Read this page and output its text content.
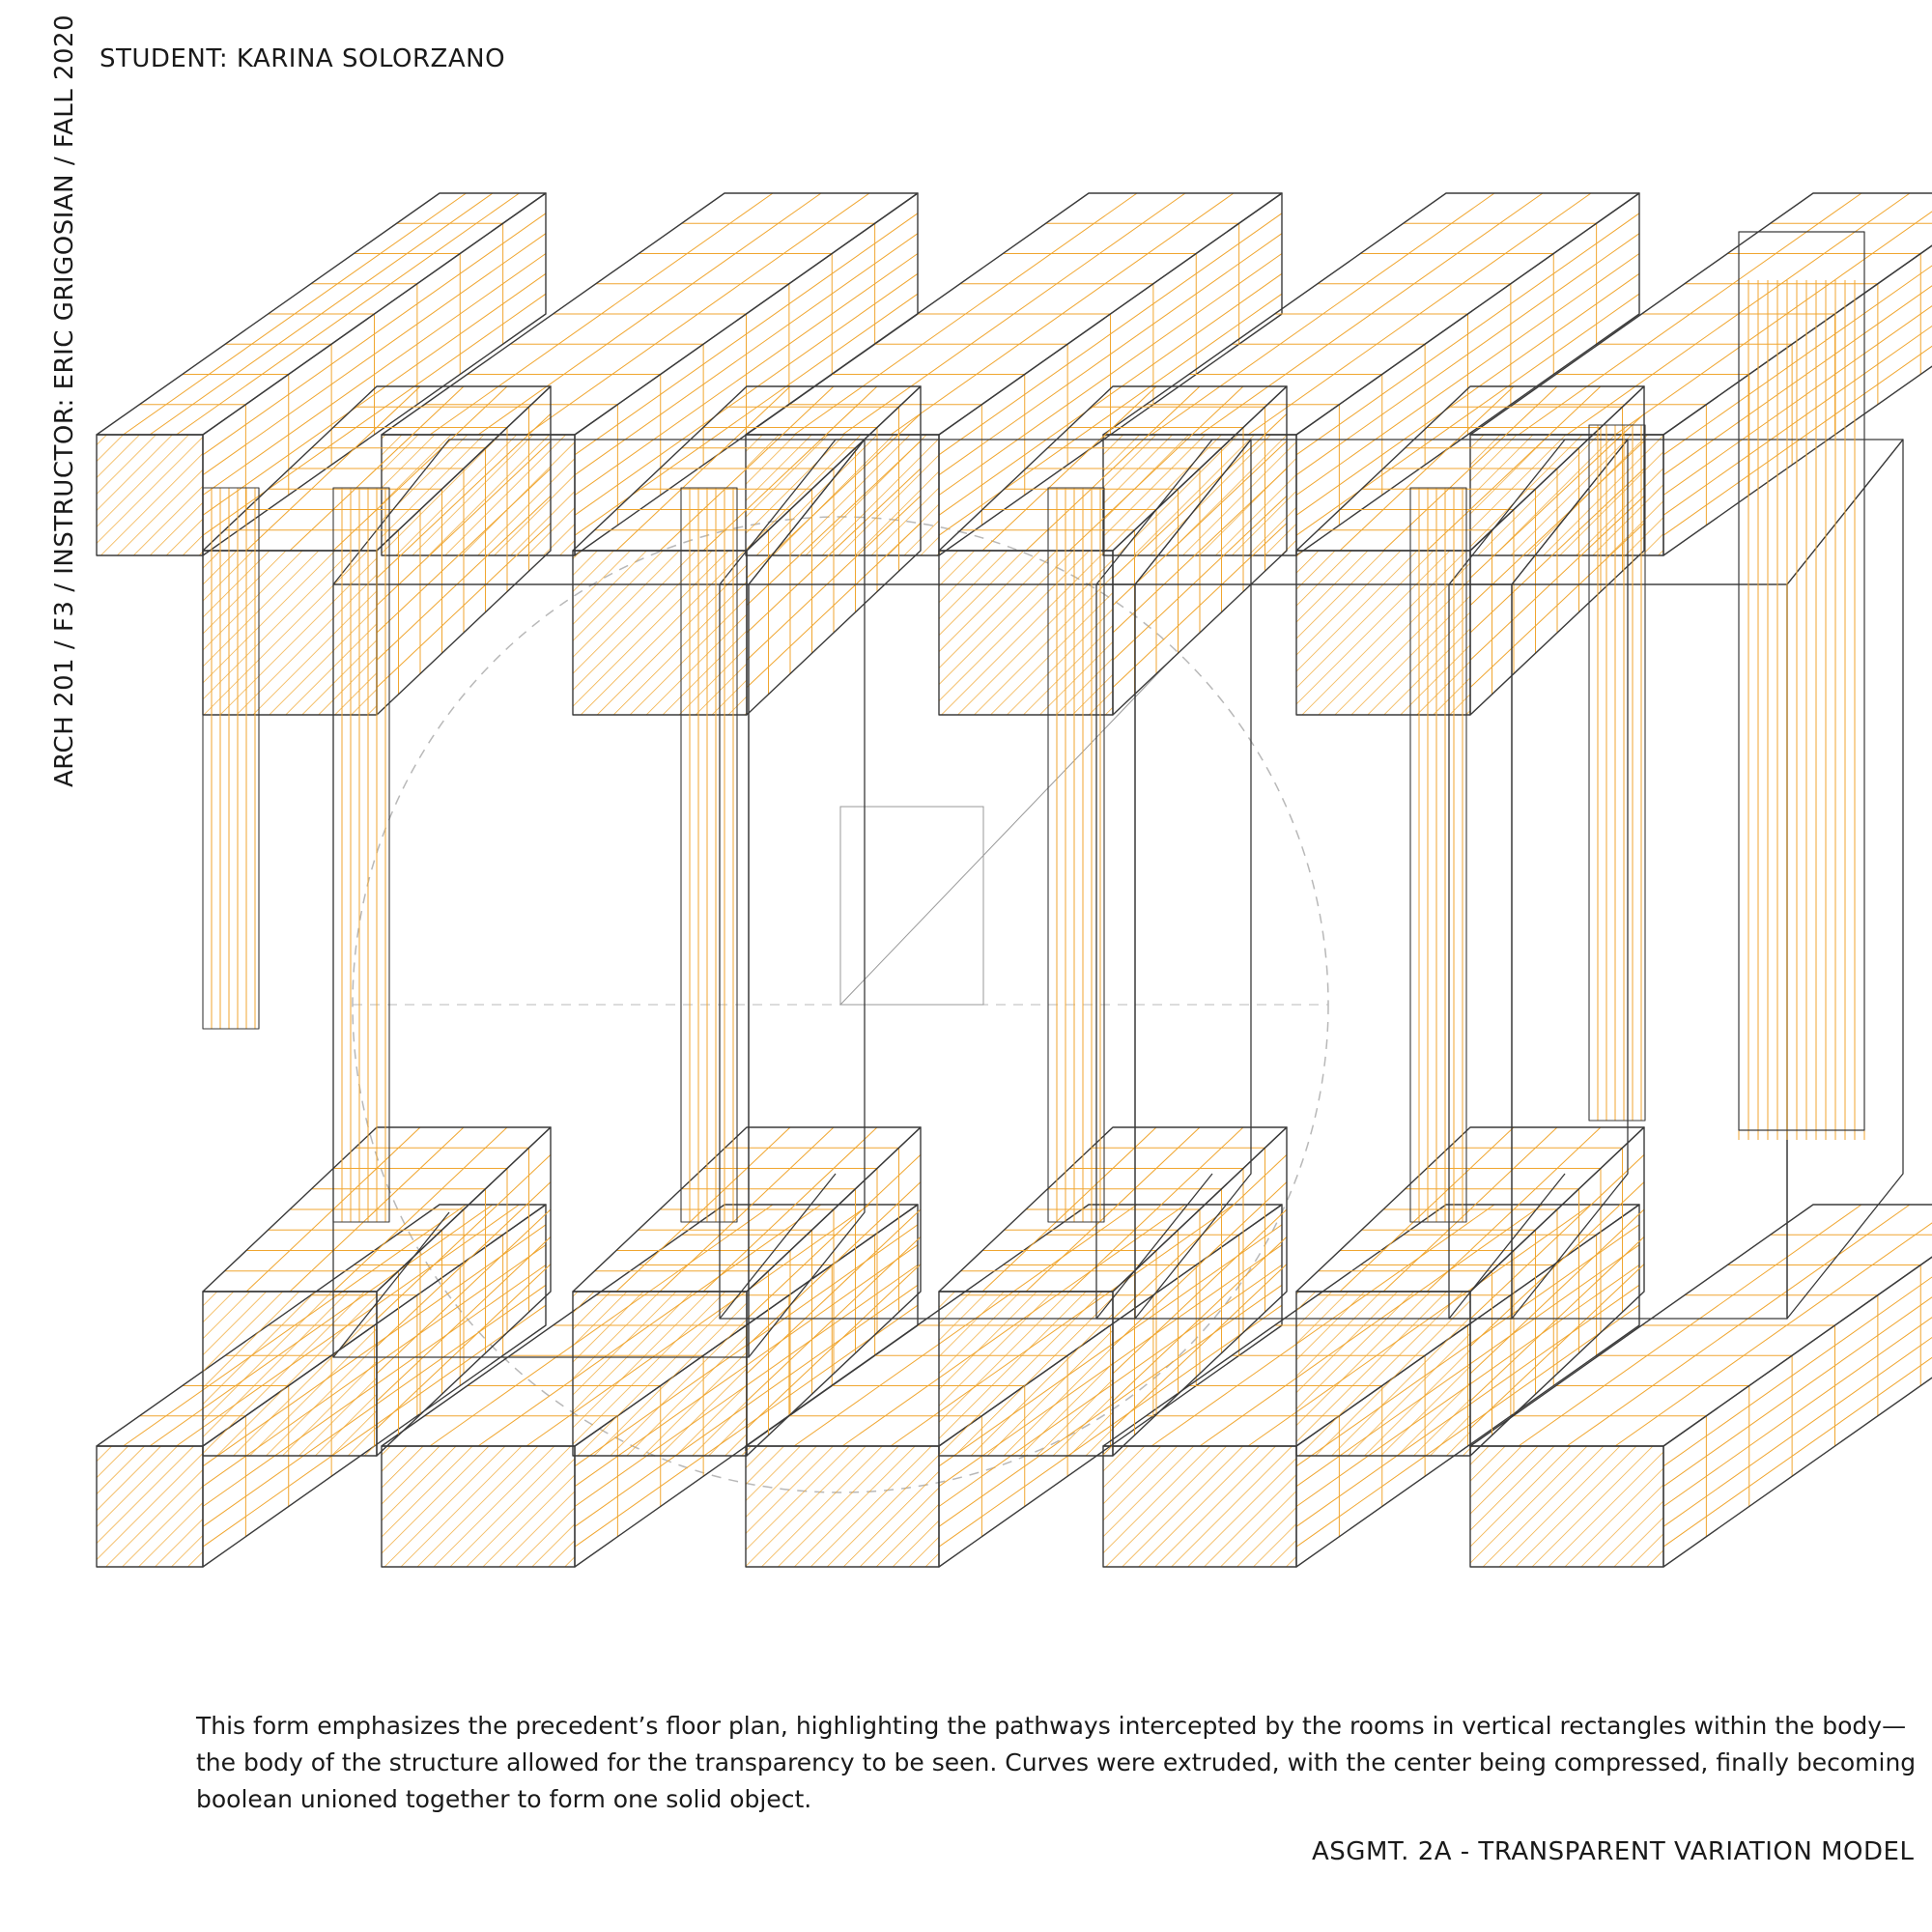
STUDENT: KARINA SOLORZANO
ARCH 201 / F3 / INSTRUCTOR: ERIC GRIGOSIAN / FALL 2020

This form emphasizes the precedent’s floor plan, highlighting the pathways intercepted by the rooms in vertical rectangles within the body—

the body of the structure allowed for the transparency to be seen. Curves were extruded, with the center being compressed, finally becoming

boolean unioned together to form one solid object.

ASGMT. 2A - TRANSPARENT VARIATION MODEL
